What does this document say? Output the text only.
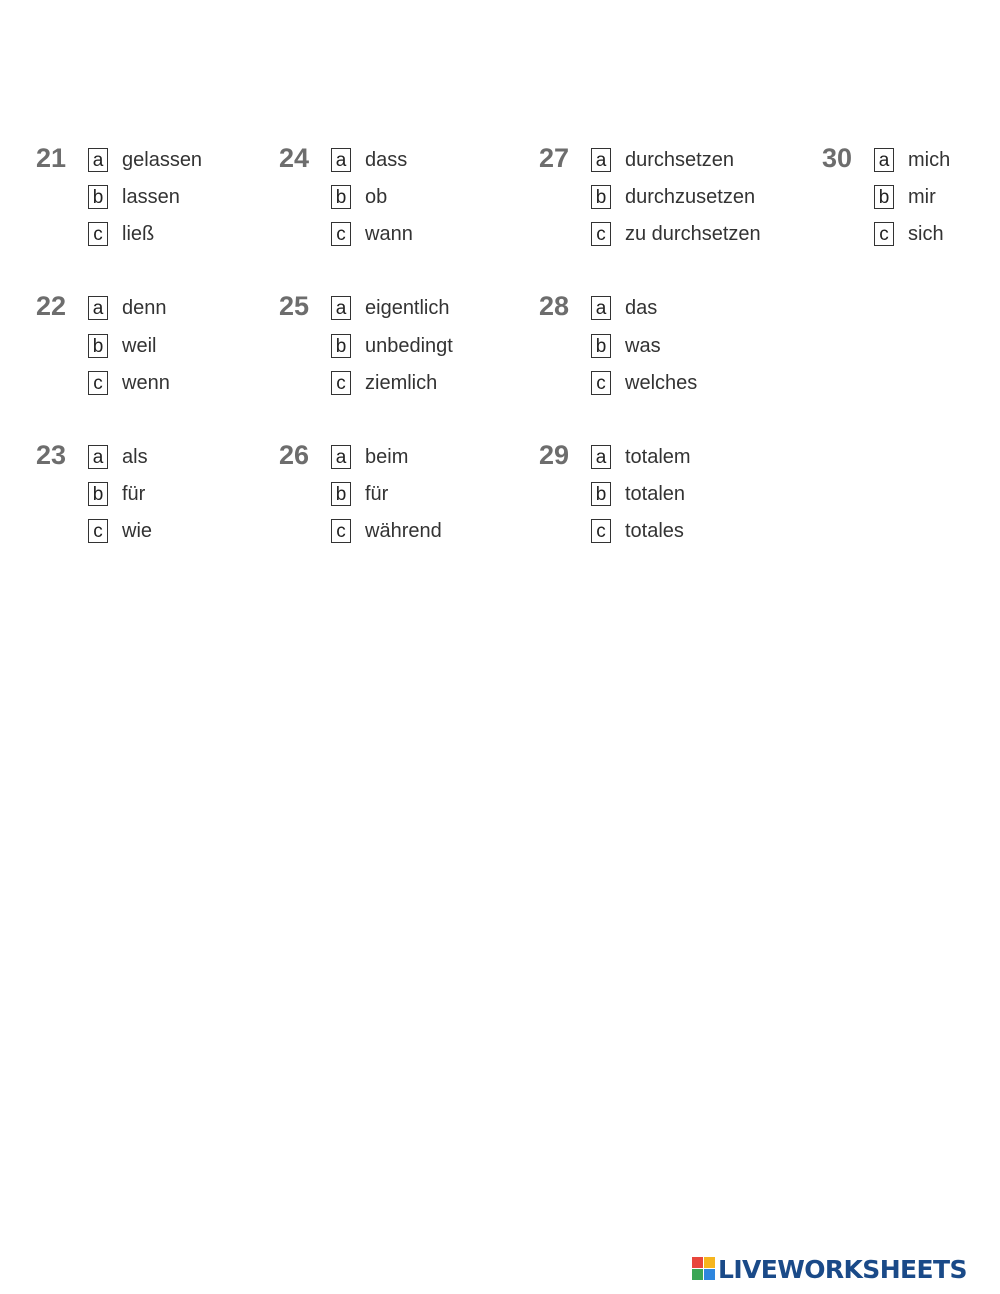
21 a gelassen
b lassen
c ließ
22 a denn
b weil
c wenn
23 a als
b für
c wie
24 a dass
b ob
c wann
25 a eigentlich
b unbedingt
c ziemlich
26 a beim
b für
c während
27 a durchsetzen
b durchzusetzen
c zu durchsetzen
28 a das
b was
c welches
29 a totalem
b totalen
c totales
30 a mich
b mir
c sich
LIVEWORKSHEETS
